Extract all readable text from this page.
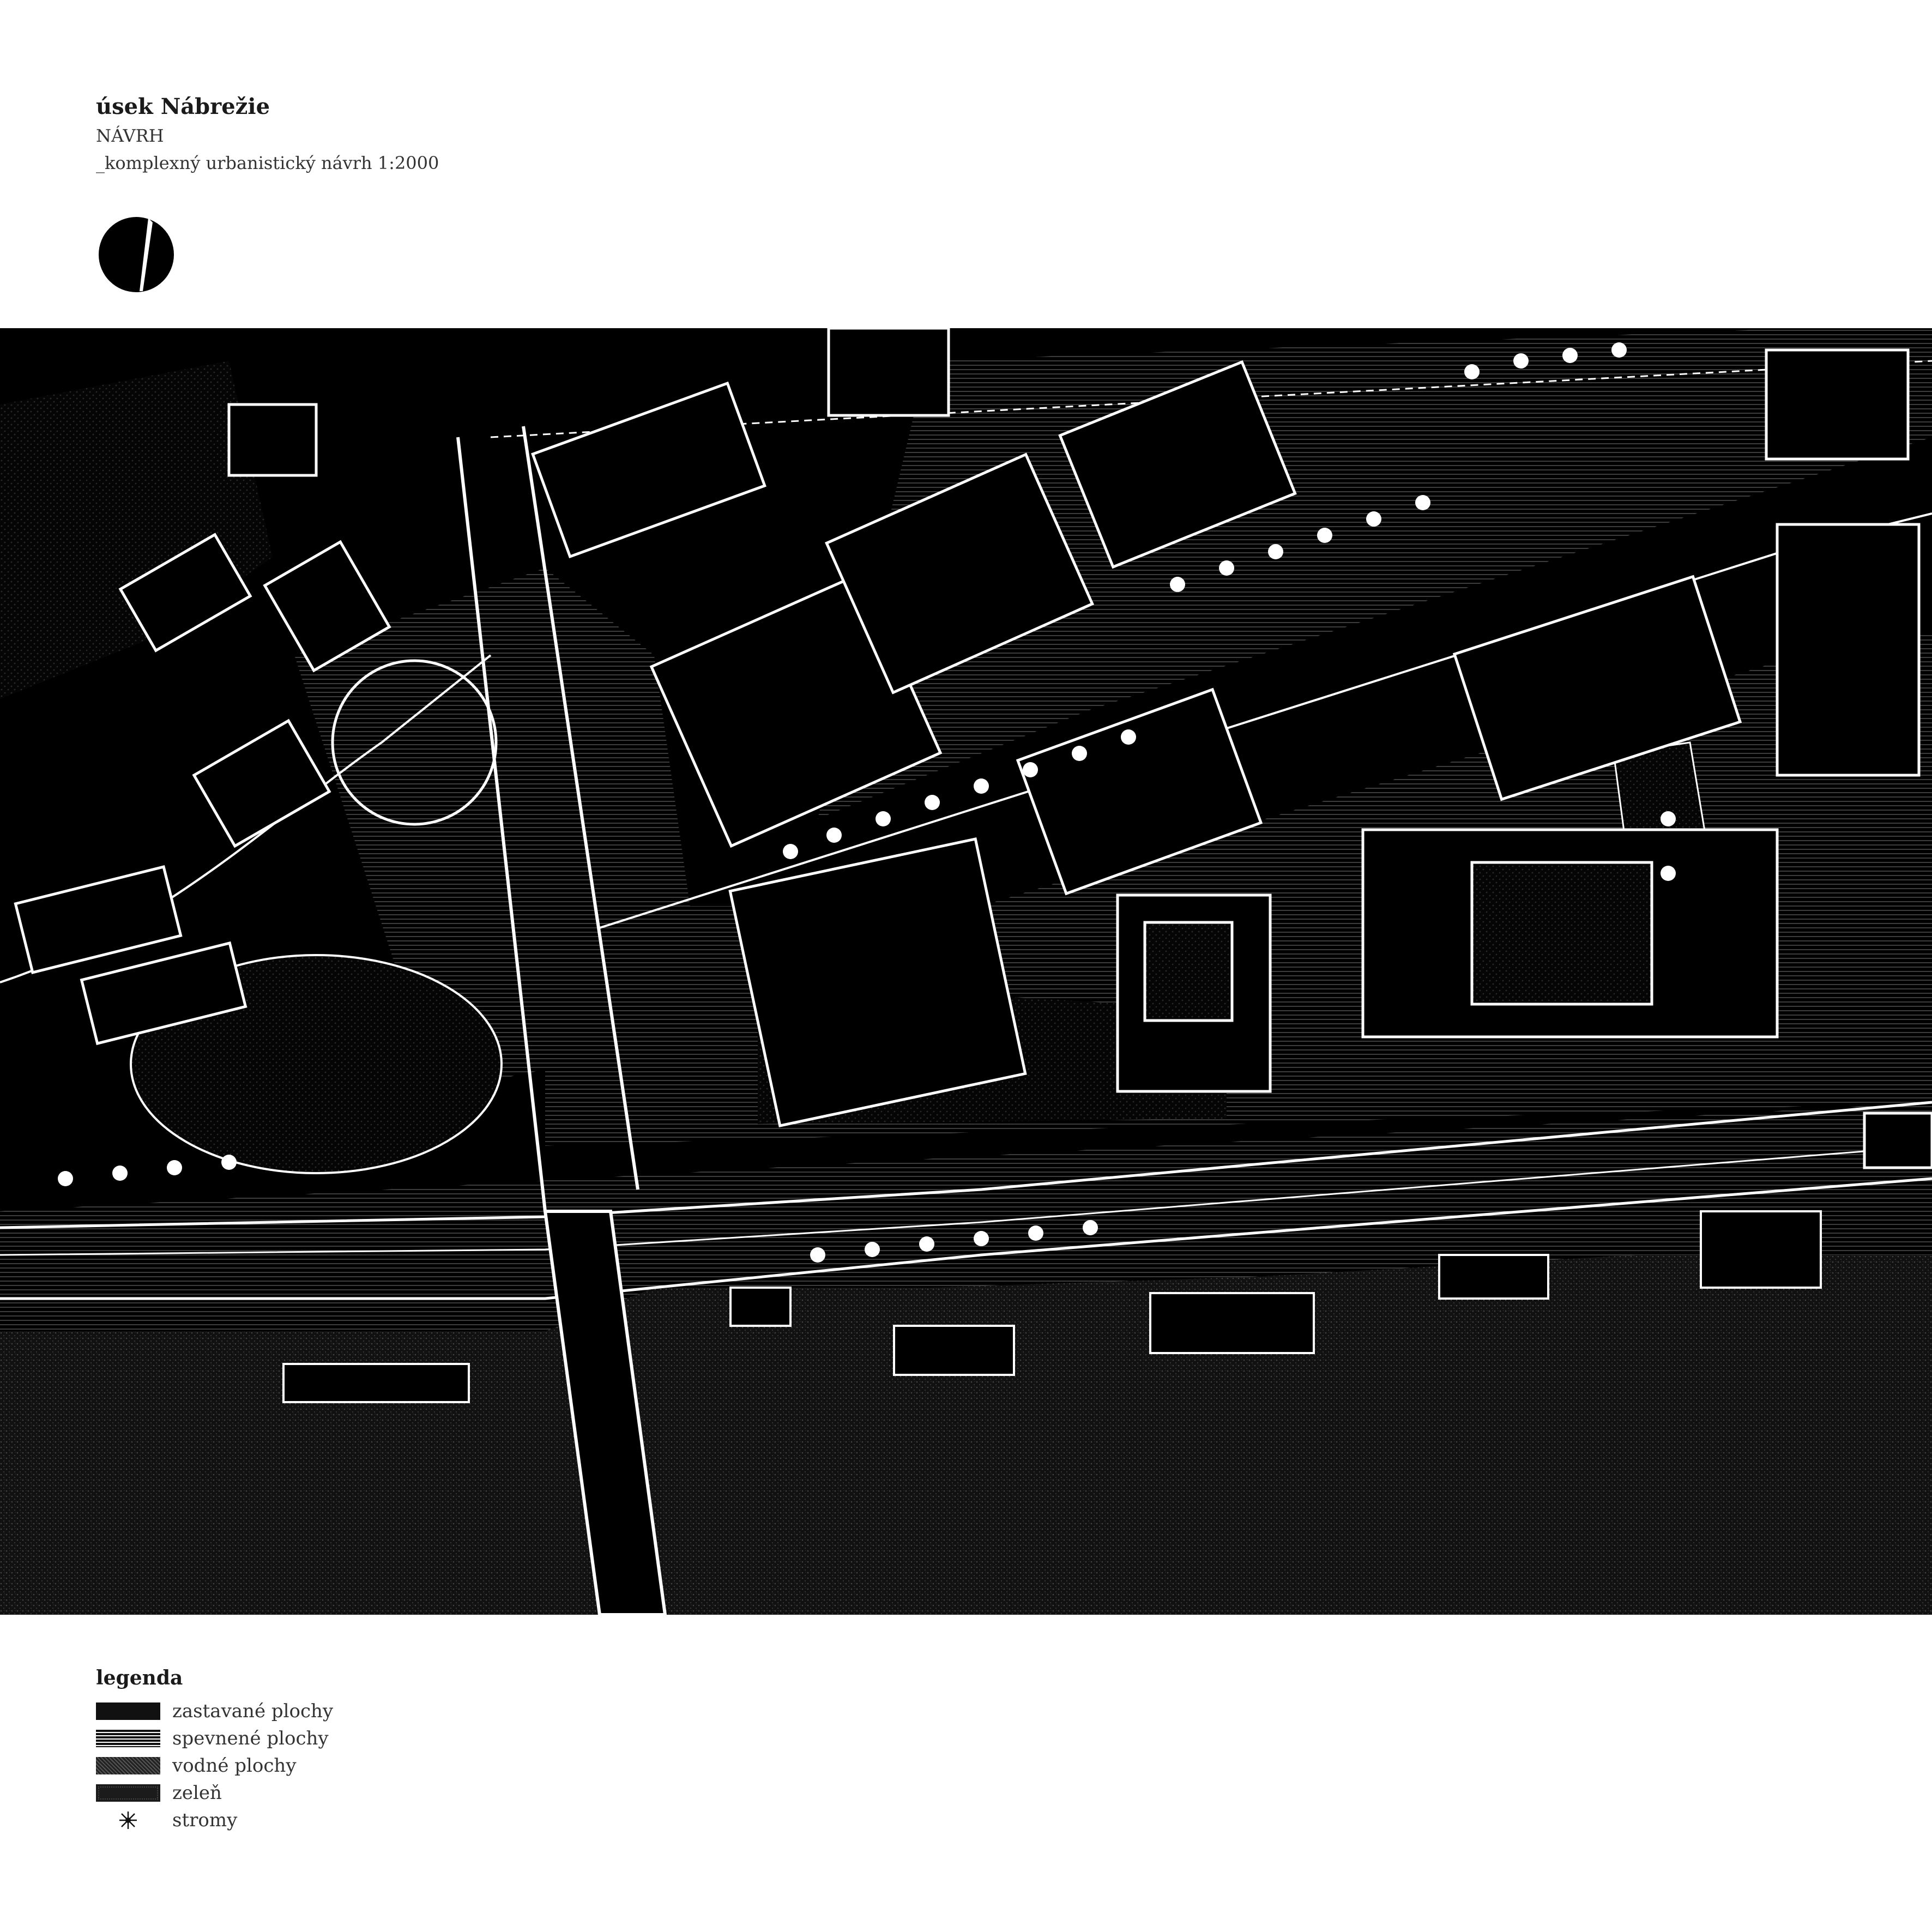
úsek Nábrežie
NÁVRH
_komplexný urbanistický návrh 1:2000
legenda
zastavané plochy
spevnené plochy
vodné plochy
zeleň
stromy
